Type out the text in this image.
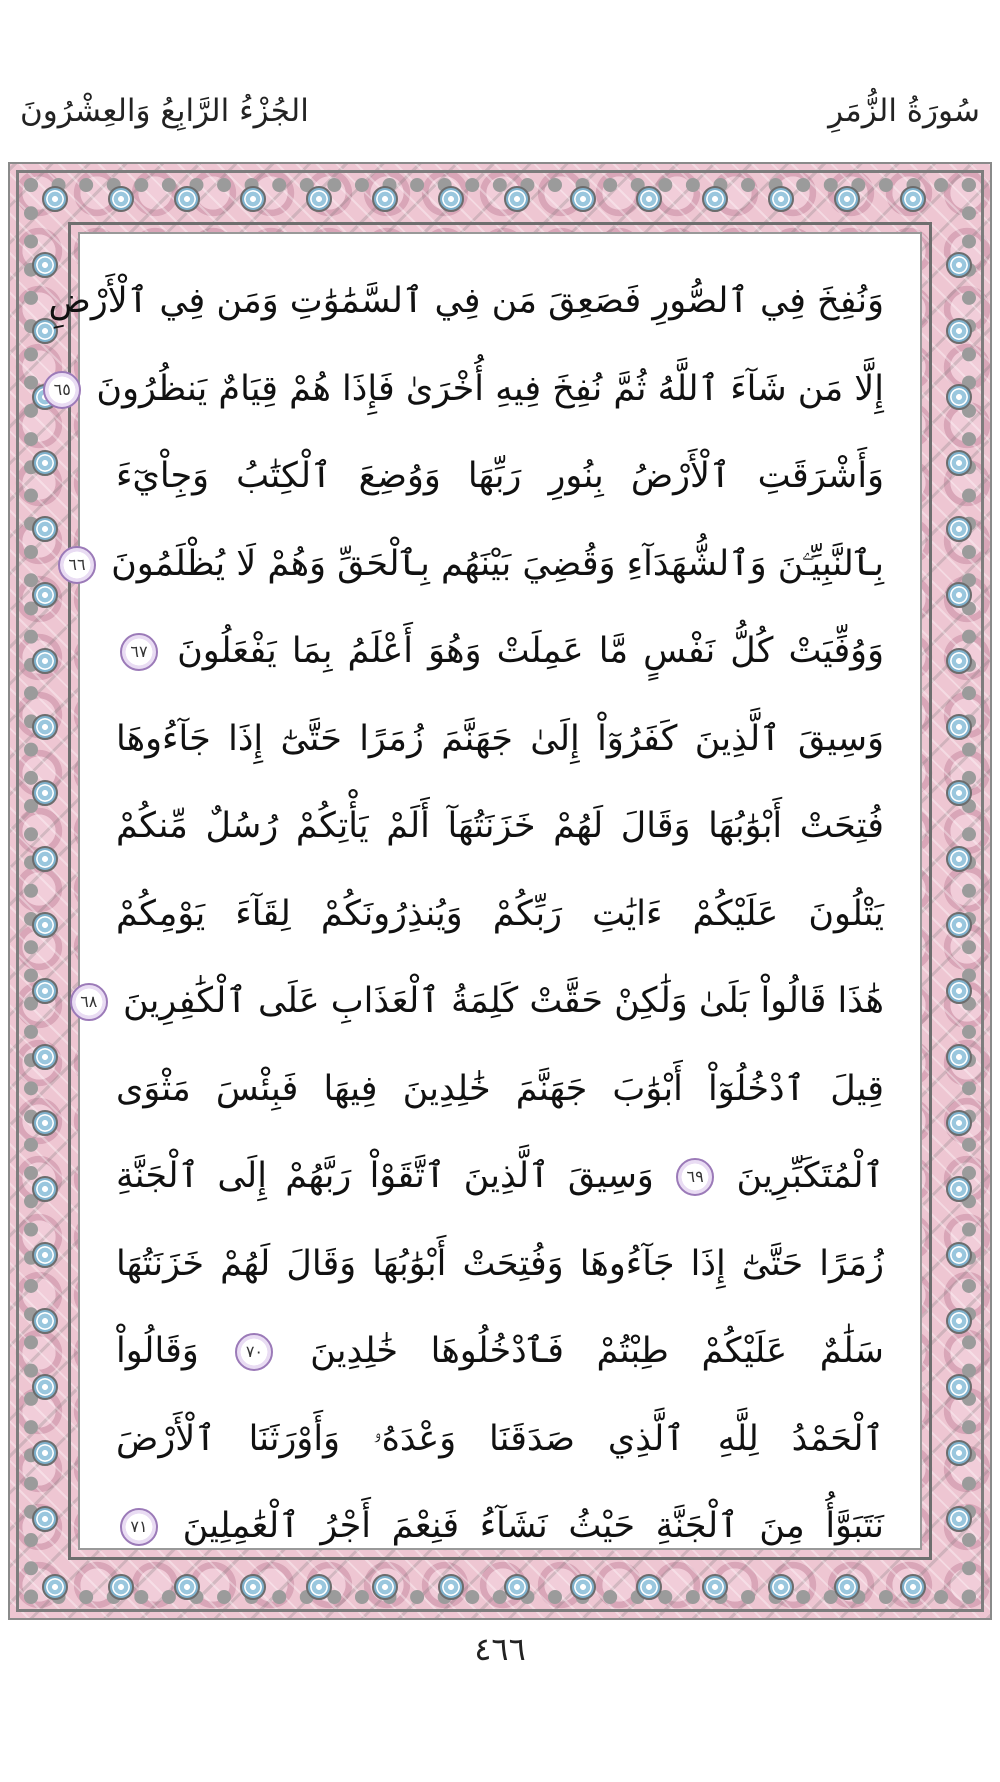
سُورَةُ الزُّمَرِ
الجُزْءُ الرَّابِعُ وَالعِشْرُونَ
وَنُفِخَ فِي ٱلصُّورِ فَصَعِقَ مَن فِي ٱلسَّمَٰوَٰتِ وَمَن فِي ٱلْأَرْضِ
إِلَّا مَن شَآءَ ٱللَّهُ ثُمَّ نُفِخَ فِيهِ أُخْرَىٰ فَإِذَا هُمْ قِيَامٌ يَنظُرُونَ ٦٥
وَأَشْرَقَتِ ٱلْأَرْضُ بِنُورِ رَبِّهَا وَوُضِعَ ٱلْكِتَٰبُ وَجِاْيٓءَ
بِٱلنَّبِيِّـۧنَ وَٱلشُّهَدَآءِ وَقُضِيَ بَيْنَهُم بِٱلْحَقِّ وَهُمْ لَا يُظْلَمُونَ ٦٦
وَوُفِّيَتْ كُلُّ نَفْسٍ مَّا عَمِلَتْ وَهُوَ أَعْلَمُ بِمَا يَفْعَلُونَ ٦٧
وَسِيقَ ٱلَّذِينَ كَفَرُوٓاْ إِلَىٰ جَهَنَّمَ زُمَرًا حَتَّىٰٓ إِذَا جَآءُوهَا
فُتِحَتْ أَبْوَٰبُهَا وَقَالَ لَهُمْ خَزَنَتُهَآ أَلَمْ يَأْتِكُمْ رُسُلٌ مِّنكُمْ
يَتْلُونَ عَلَيْكُمْ ءَايَٰتِ رَبِّكُمْ وَيُنذِرُونَكُمْ لِقَآءَ يَوْمِكُمْ
هَٰذَا قَالُواْ بَلَىٰ وَلَٰكِنْ حَقَّتْ كَلِمَةُ ٱلْعَذَابِ عَلَى ٱلْكَٰفِرِينَ ٦٨
قِيلَ ٱدْخُلُوٓاْ أَبْوَٰبَ جَهَنَّمَ خَٰلِدِينَ فِيهَا فَبِئْسَ مَثْوَى
ٱلْمُتَكَبِّرِينَ ٦٩ وَسِيقَ ٱلَّذِينَ ٱتَّقَوْاْ رَبَّهُمْ إِلَى ٱلْجَنَّةِ
زُمَرًا حَتَّىٰٓ إِذَا جَآءُوهَا وَفُتِحَتْ أَبْوَٰبُهَا وَقَالَ لَهُمْ خَزَنَتُهَا
سَلَٰمٌ عَلَيْكُمْ طِبْتُمْ فَٱدْخُلُوهَا خَٰلِدِينَ ٧٠ وَقَالُواْ
ٱلْحَمْدُ لِلَّهِ ٱلَّذِي صَدَقَنَا وَعْدَهُۥ وَأَوْرَثَنَا ٱلْأَرْضَ
نَتَبَوَّأُ مِنَ ٱلْجَنَّةِ حَيْثُ نَشَآءُ فَنِعْمَ أَجْرُ ٱلْعَٰمِلِينَ ٧١
٤٦٦
